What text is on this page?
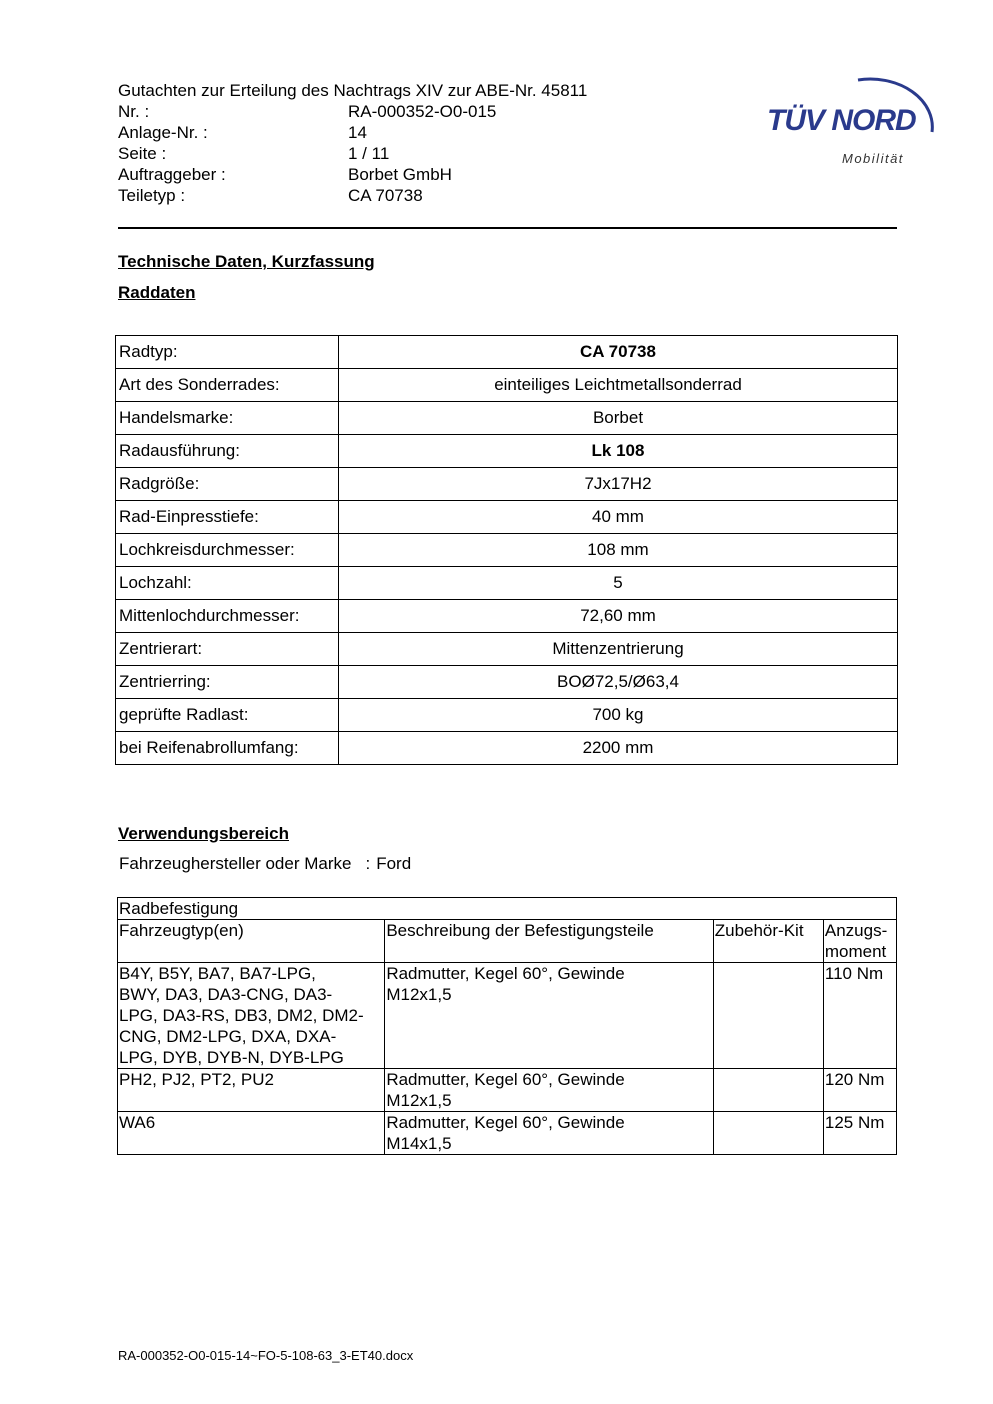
Gutachten zur Erteilung des Nachtrags XIV zur ABE-Nr. 45811
Nr. :	RA-000352-O0-015
Anlage-Nr. :	14
Seite :	1 / 11
Auftraggeber :	Borbet GmbH
Teiletyp :	CA 70738
TÜV NORD
Mobilität
Technische Daten, Kurzfassung
Raddaten
Radtyp:	CA 70738
Art des Sonderrades:	einteiliges Leichtmetallsonderrad
Handelsmarke:	Borbet
Radausführung:	Lk 108
Radgröße:	7Jx17H2
Rad-Einpresstiefe:	40 mm
Lochkreisdurchmesser:	108 mm
Lochzahl:	5
Mittenlochdurchmesser:	72,60 mm
Zentrierart:	Mittenzentrierung
Zentrierring:	BOØ72,5/Ø63,4
geprüfte Radlast:	700 kg
bei Reifenabrollumfang:	2200 mm
Verwendungsbereich
Fahrzeughersteller oder Marke : Ford
Radbefestigung			
Fahrzeugtyp(en)	Beschreibung der Befestigungsteile	Zubehör-Kit	Anzugs-
moment
B4Y, B5Y, BA7, BA7-LPG,
BWY, DA3, DA3-CNG, DA3-
LPG, DA3-RS, DB3, DM2, DM2-
CNG, DM2-LPG, DXA, DXA-
LPG, DYB, DYB-N, DYB-LPG	Radmutter, Kegel 60°, Gewinde
M12x1,5		110 Nm
PH2, PJ2, PT2, PU2	Radmutter, Kegel 60°, Gewinde
M12x1,5		120 Nm
WA6	Radmutter, Kegel 60°, Gewinde
M14x1,5		125 Nm
RA-000352-O0-015-14~FO-5-108-63_3-ET40.docx
